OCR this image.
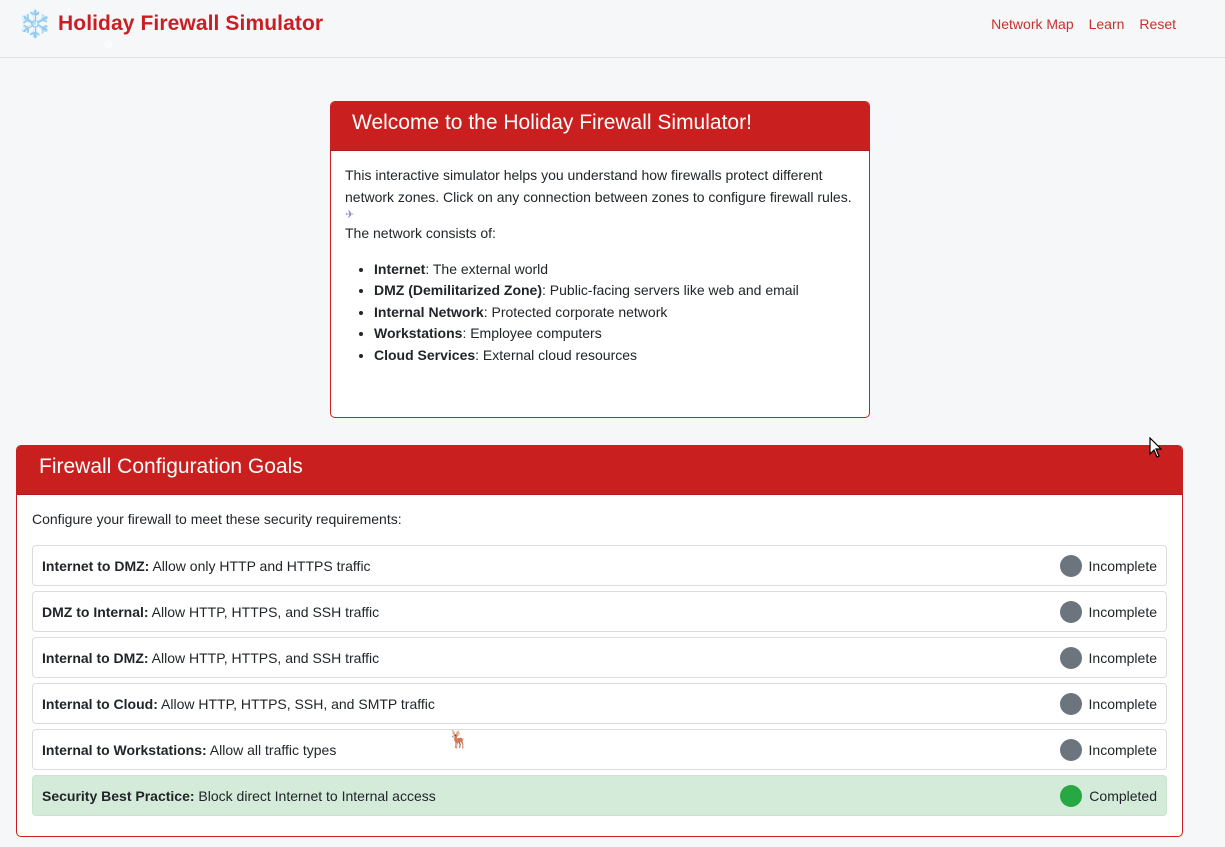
❄️ Holiday Firewall Simulator	Network Map Learn Reset
❄
Welcome to the Holiday Firewall Simulator!

This interactive simulator helps you understand how firewalls protect different network zones. Click on any connection between zones to configure firewall rules.

✈

The network consists of:

• Internet: The external world
• DMZ (Demilitarized Zone): Public-facing servers like web and email
• Internal Network: Protected corporate network
• Workstations: Employee computers
• Cloud Services: External cloud resources
Firewall Configuration Goals

Configure your firewall to meet these security requirements:

Internet to DMZ: Allow only HTTP and HTTPS traffic	Incomplete
DMZ to Internal: Allow HTTP, HTTPS, and SSH traffic	Incomplete
Internal to DMZ: Allow HTTP, HTTPS, and SSH traffic	Incomplete
Internal to Cloud: Allow HTTP, HTTPS, SSH, and SMTP traffic	Incomplete
Internal to Workstations: Allow all traffic types	Incomplete
Security Best Practice: Block direct Internet to Internal access	Completed
🦌
